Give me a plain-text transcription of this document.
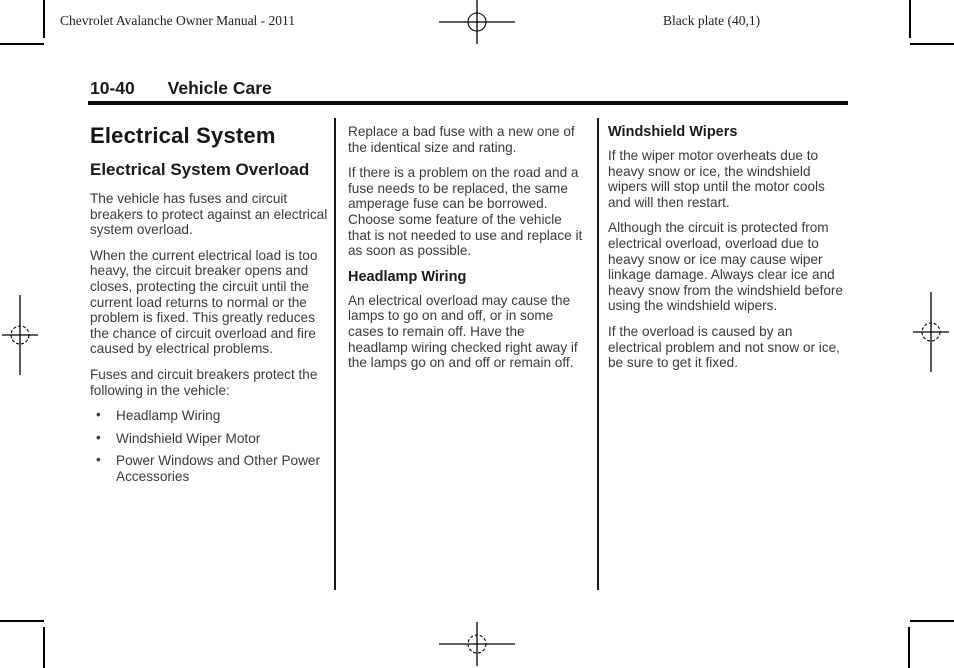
Chevrolet Avalanche Owner Manual - 2011	Black plate (40,1)
10-40 Vehicle Care
Electrical System
Electrical System Overload

The vehicle has fuses and circuit breakers to protect against an electrical system overload.

When the current electrical load is too heavy, the circuit breaker opens and closes, protecting the circuit until the current load returns to normal or the problem is fixed. This greatly reduces the chance of circuit overload and fire caused by electrical problems.

Fuses and circuit breakers protect the following in the vehicle:

• Headlamp Wiring
• Windshield Wiper Motor
• Power Windows and Other Power Accessories

Replace a bad fuse with a new one of the identical size and rating.

If there is a problem on the road and a fuse needs to be replaced, the same amperage fuse can be borrowed. Choose some feature of the vehicle that is not needed to use and replace it as soon as possible.

Headlamp Wiring

An electrical overload may cause the lamps to go on and off, or in some cases to remain off. Have the headlamp wiring checked right away if the lamps go on and off or remain off.

Windshield Wipers

If the wiper motor overheats due to heavy snow or ice, the windshield wipers will stop until the motor cools and will then restart.

Although the circuit is protected from electrical overload, overload due to heavy snow or ice may cause wiper linkage damage. Always clear ice and heavy snow from the windshield before using the windshield wipers.

If the overload is caused by an electrical problem and not snow or ice, be sure to get it fixed.
